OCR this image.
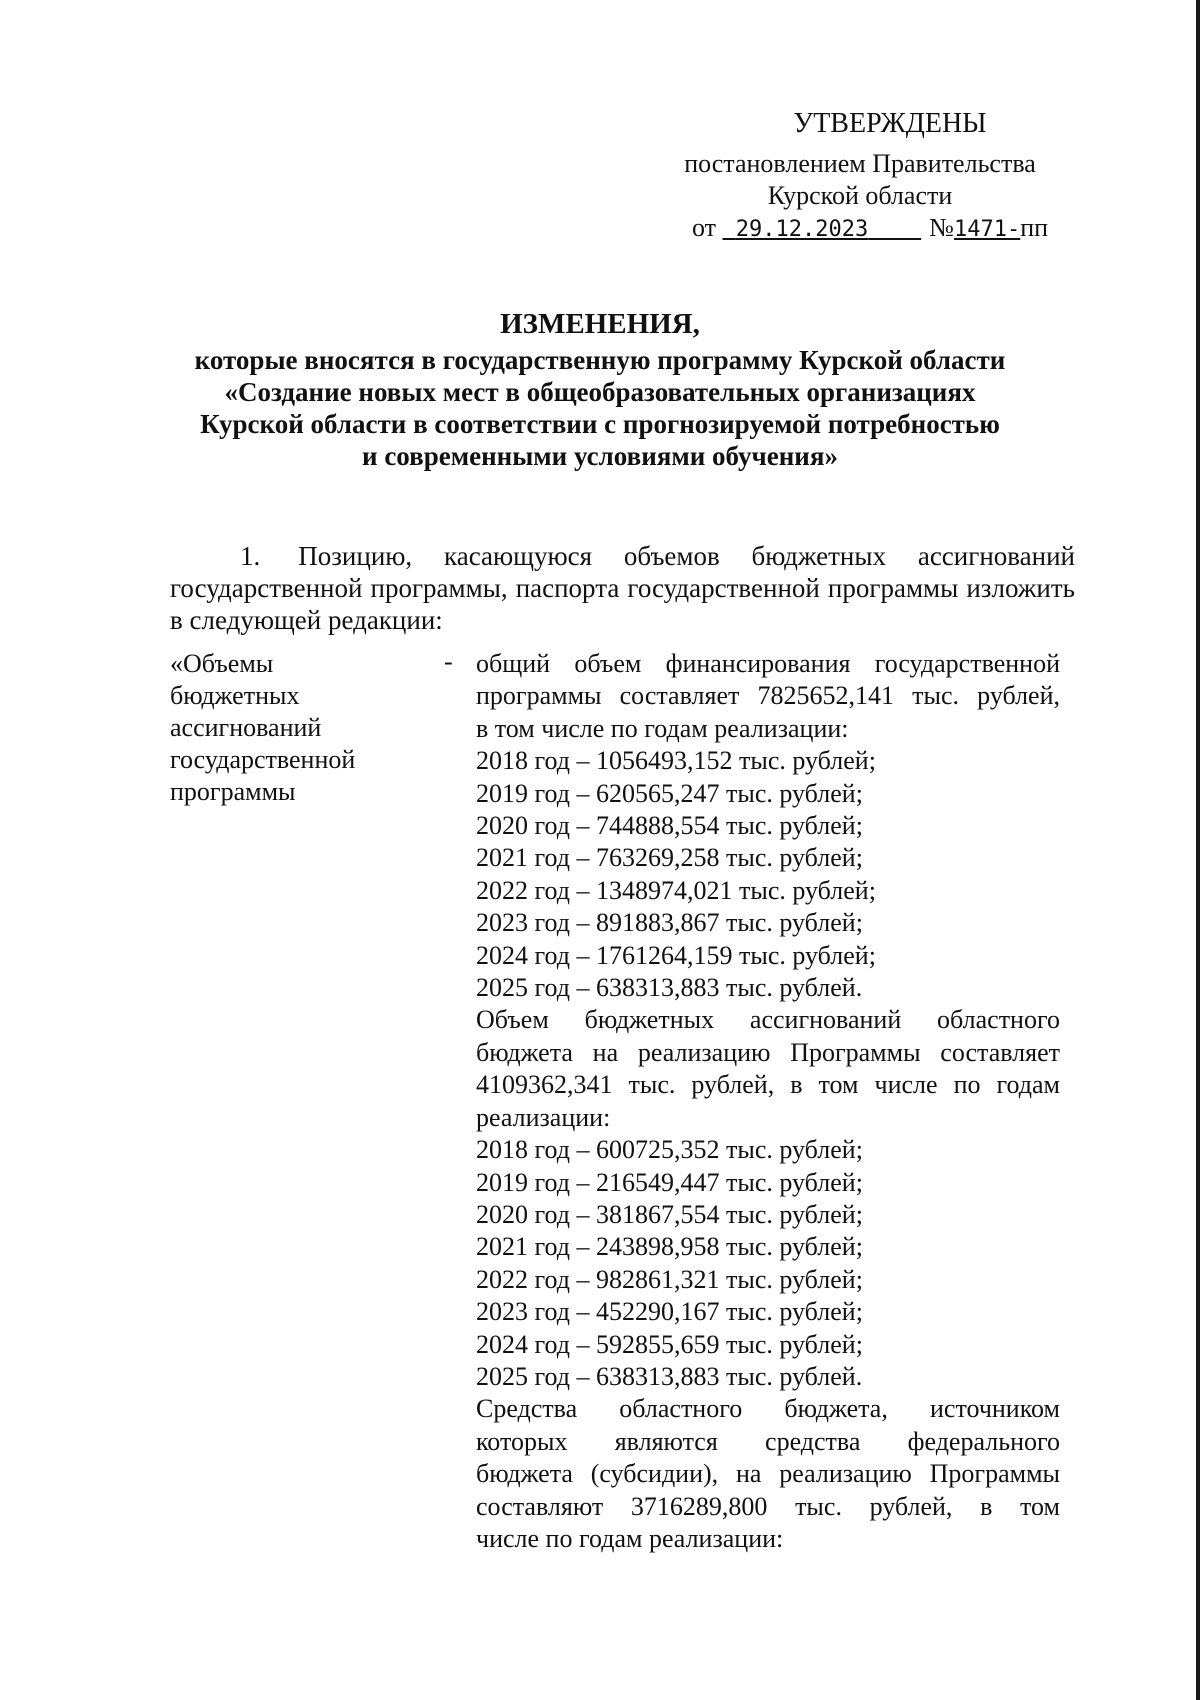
УТВЕРЖДЕНЫ
постановлением Правительства
Курской области
от 29.12.2023 №1471-пп
ИЗМЕНЕНИЯ,
которые вносятся в государственную программу Курской области
«Создание новых мест в общеобразовательных организациях
Курской области в соответствии с прогнозируемой потребностью
и современными условиями обучения»
1. Позицию, касающуюся объемов бюджетных ассигнований государственной программы, паспорта государственной программы изложить в следующей редакции:
«Объемы
бюджетных
ассигнований
государственной
программы
- общий объем финансирования государственной
программы составляет 7825652,141 тыс. рублей,
в том числе по годам реализации:
2018 год – 1056493,152 тыс. рублей;
2019 год – 620565,247 тыс. рублей;
2020 год – 744888,554 тыс. рублей;
2021 год – 763269,258 тыс. рублей;
2022 год – 1348974,021 тыс. рублей;
2023 год – 891883,867 тыс. рублей;
2024 год – 1761264,159 тыс. рублей;
2025 год – 638313,883 тыс. рублей.
Объем бюджетных ассигнований областного
бюджета на реализацию Программы составляет
4109362,341 тыс. рублей, в том числе по годам
реализации:
2018 год – 600725,352 тыс. рублей;
2019 год – 216549,447 тыс. рублей;
2020 год – 381867,554 тыс. рублей;
2021 год – 243898,958 тыс. рублей;
2022 год – 982861,321 тыс. рублей;
2023 год – 452290,167 тыс. рублей;
2024 год – 592855,659 тыс. рублей;
2025 год – 638313,883 тыс. рублей.
Средства областного бюджета, источником
которых являются средства федерального
бюджета (субсидии), на реализацию Программы
составляют 3716289,800 тыс. рублей, в том
числе по годам реализации:
